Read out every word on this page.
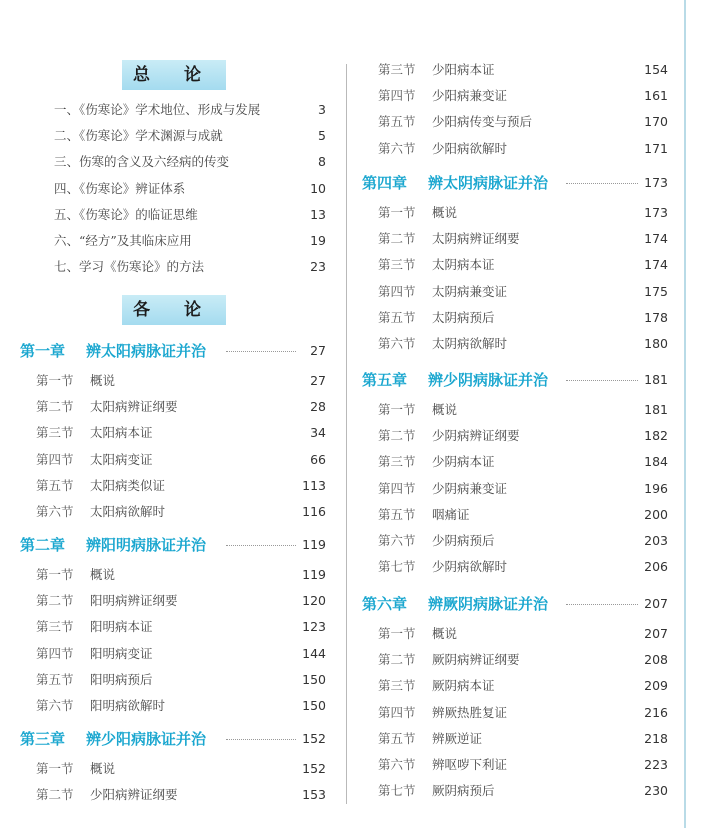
总 论
一、《伤寒论》学术地位、形成与发展	3
二、《伤寒论》学术渊源与成就	5
三、伤寒的含义及六经病的传变	8
四、《伤寒论》辨证体系	10
五、《伤寒论》的临证思维	13
六、“经方”及其临床应用	19
七、学习《伤寒论》的方法	23
各 论
第一章 辨太阳病脉证并治	27
第一节 概说	27
第二节 太阳病辨证纲要	28
第三节 太阳病本证	34
第四节 太阳病变证	66
第五节 太阳病类似证	113
第六节 太阳病欲解时	116
第二章 辨阳明病脉证并治	119
第一节 概说	119
第二节 阳明病辨证纲要	120
第三节 阳明病本证	123
第四节 阳明病变证	144
第五节 阳明病预后	150
第六节 阳明病欲解时	150
第三章 辨少阳病脉证并治	152
第一节 概说	152
第二节 少阳病辨证纲要	153
第三节 少阳病本证	154
第四节 少阳病兼变证	161
第五节 少阳病传变与预后	170
第六节 少阳病欲解时	171
第四章 辨太阴病脉证并治	173
第一节 概说	173
第二节 太阴病辨证纲要	174
第三节 太阴病本证	174
第四节 太阴病兼变证	175
第五节 太阴病预后	178
第六节 太阴病欲解时	180
第五章 辨少阴病脉证并治	181
第一节 概说	181
第二节 少阴病辨证纲要	182
第三节 少阴病本证	184
第四节 少阴病兼变证	196
第五节 咽痛证	200
第六节 少阴病预后	203
第七节 少阴病欲解时	206
第六章 辨厥阴病脉证并治	207
第一节 概说	207
第二节 厥阴病辨证纲要	208
第三节 厥阴病本证	209
第四节 辨厥热胜复证	216
第五节 辨厥逆证	218
第六节 辨呕哕下利证	223
第七节 厥阴病预后	230
